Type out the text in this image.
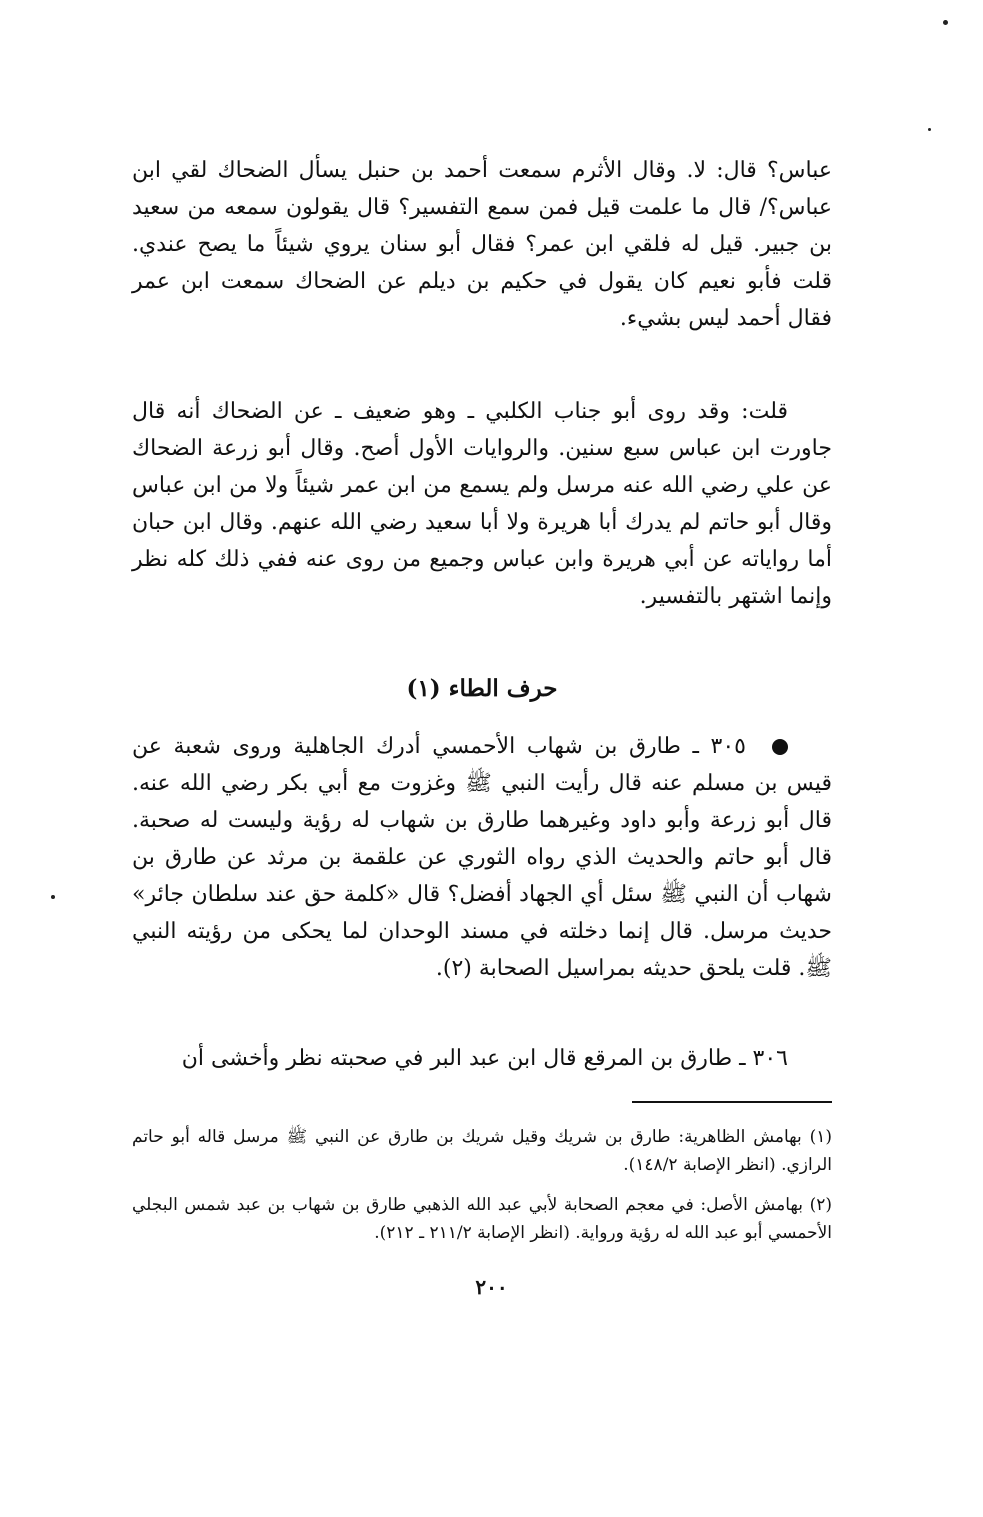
عباس؟ قال: لا. وقال الأثرم سمعت أحمد بن حنبل يسأل الضحاك لقي ابن عباس؟/ قال ما علمت قيل فمن سمع التفسير؟ قال يقولون سمعه من سعيد بن جبير. قيل له فلقي ابن عمر؟ فقال أبو سنان يروي شيئاً ما يصح عندي. قلت فأبو نعيم كان يقول في حكيم بن ديلم عن الضحاك سمعت ابن عمر فقال أحمد ليس بشيء.

قلت: وقد روى أبو جناب الكلبي ـ وهو ضعيف ـ عن الضحاك أنه قال جاورت ابن عباس سبع سنين. والروايات الأول أصح. وقال أبو زرعة الضحاك عن علي رضي الله عنه مرسل ولم يسمع من ابن عمر شيئاً ولا من ابن عباس وقال أبو حاتم لم يدرك أبا هريرة ولا أبا سعيد رضي الله عنهم. وقال ابن حبان أما رواياته عن أبي هريرة وابن عباس وجميع من روى عنه ففي ذلك كله نظر وإنما اشتهر بالتفسير.

حرف الطاء (١)

٣٠٥ ـ طارق بن شهاب الأحمسي أدرك الجاهلية وروى شعبة عن قيس بن مسلم عنه قال رأيت النبي ﷺ وغزوت مع أبي بكر رضي الله عنه. قال أبو زرعة وأبو داود وغيرهما طارق بن شهاب له رؤية وليست له صحبة. قال أبو حاتم والحديث الذي رواه الثوري عن علقمة بن مرثد عن طارق بن شهاب أن النبي ﷺ سئل أي الجهاد أفضل؟ قال «كلمة حق عند سلطان جائر» حديث مرسل. قال إنما دخلته في مسند الوحدان لما يحكى من رؤيته النبي ﷺ. قلت يلحق حديثه بمراسيل الصحابة (٢).

٣٠٦ ـ طارق بن المرقع قال ابن عبد البر في صحبته نظر وأخشى أن

(١) بهامش الظاهرية: طارق بن شريك وقيل شريك بن طارق عن النبي ﷺ مرسل قاله أبو حاتم الرازي. (انظر الإصابة ١٤٨/٢).

(٢) بهامش الأصل: في معجم الصحابة لأبي عبد الله الذهبي طارق بن شهاب بن عبد شمس البجلي الأحمسي أبو عبد الله له رؤية ورواية. (انظر الإصابة ٢١١/٢ ـ ٢١٢).

٢٠٠
